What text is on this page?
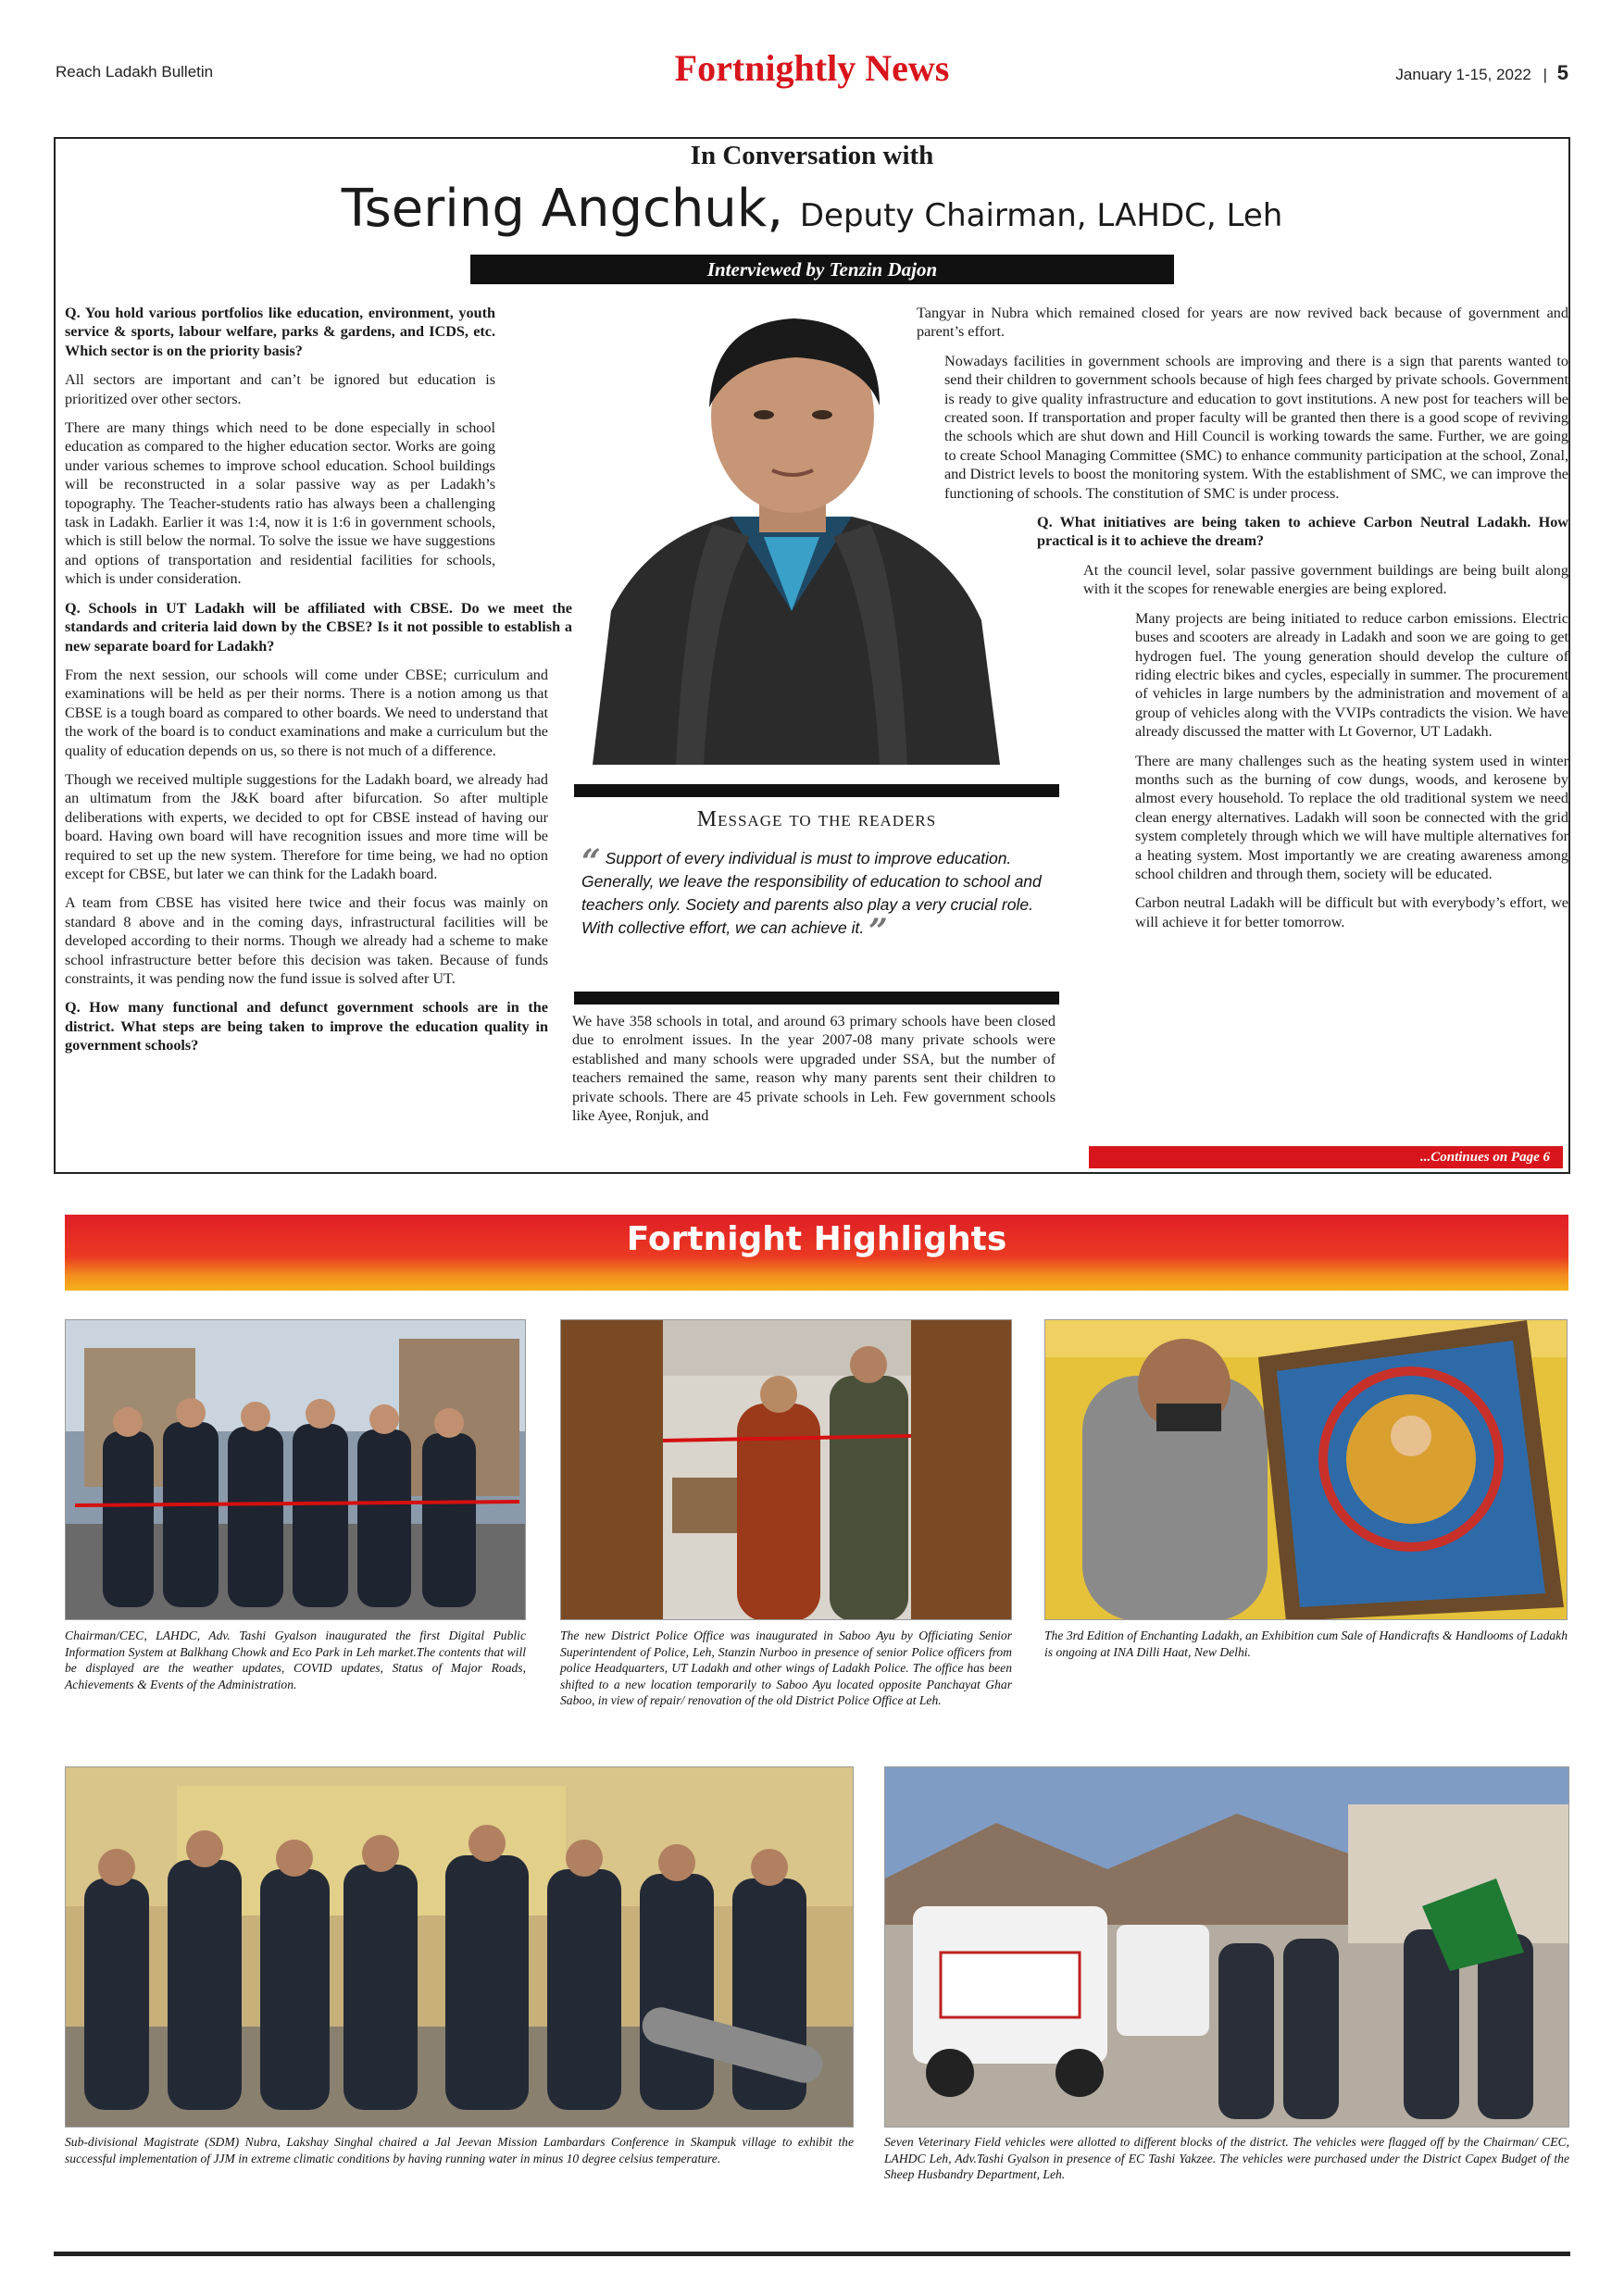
Reach Ladakh Bulletin	Fortnightly News	January 1-15, 2022 | 5
In Conversation with
Tsering Angchuk, Deputy Chairman, LAHDC, Leh
Interviewed by Tenzin Dajon

Q. You hold various portfolios like education, environment, youth service & sports, labour welfare, parks & gardens, and ICDS, etc. Which sector is on the priority basis?

All sectors are important and can’t be ignored but education is prioritized over other sectors.

There are many things which need to be done especially in school education as compared to the higher education sector. Works are going under various schemes to improve school education. School buildings will be reconstructed in a solar passive way as per Ladakh’s topography. The Teacher-students ratio has always been a challenging task in Ladakh. Earlier it was 1:4, now it is 1:6 in government schools, which is still below the normal. To solve the issue we have suggestions and options of transportation and residential facilities for schools, which is under consideration.

Q. Schools in UT Ladakh will be affiliated with CBSE. Do we meet the standards and criteria laid down by the CBSE? Is it not possible to establish a new separate board for Ladakh?

From the next session, our schools will come under CBSE; curriculum and examinations will be held as per their norms. There is a notion among us that CBSE is a tough board as compared to other boards. We need to understand that the work of the board is to conduct examinations and make a curriculum but the quality of education depends on us, so there is not much of a difference.

Though we received multiple suggestions for the Ladakh board, we already had an ultimatum from the J&K board after bifurcation. So after multiple deliberations with experts, we decided to opt for CBSE instead of having our board. Having own board will have recognition issues and more time will be required to set up the new system. Therefore for time being, we had no option except for CBSE, but later we can think for the Ladakh board.

A team from CBSE has visited here twice and their focus was mainly on standard 8 above and in the coming days, infrastructural facilities will be developed according to their norms. Though we already had a scheme to make school infrastructure better before this decision was taken. Because of funds constraints, it was pending now the fund issue is solved after UT.

Q. How many functional and defunct government schools are in the district. What steps are being taken to improve the education quality in government schools?

Message to the readers
“ Support of every individual is must to improve education. Generally, we leave the responsibility of education to school and teachers only. Society and parents also play a very crucial role. With collective effort, we can achieve it. ”

We have 358 schools in total, and around 63 primary schools have been closed due to enrolment issues. In the year 2007-08 many private schools were established and many schools were upgraded under SSA, but the number of teachers remained the same, reason why many parents sent their children to private schools. There are 45 private schools in Leh. Few government schools like Ayee, Ronjuk, and

Tangyar in Nubra which remained closed for years are now revived back because of government and parent’s effort.

Nowadays facilities in government schools are improving and there is a sign that parents wanted to send their children to government schools because of high fees charged by private schools. Government is ready to give quality infrastructure and education to govt institutions. A new post for teachers will be created soon. If transportation and proper faculty will be granted then there is a good scope of reviving the schools which are shut down and Hill Council is working towards the same. Further, we are going to create School Managing Committee (SMC) to enhance community participation at the school, Zonal, and District levels to boost the monitoring system. With the establishment of SMC, we can improve the functioning of schools. The constitution of SMC is under process.

Q. What initiatives are being taken to achieve Carbon Neutral Ladakh. How practical is it to achieve the dream?

At the council level, solar passive government buildings are being built along with it the scopes for renewable energies are being explored.

Many projects are being initiated to reduce carbon emissions. Electric buses and scooters are already in Ladakh and soon we are going to get hydrogen fuel. The young generation should develop the culture of riding electric bikes and cycles, especially in summer. The procurement of vehicles in large numbers by the administration and movement of a group of vehicles along with the VVIPs contradicts the vision. We have already discussed the matter with Lt Governor, UT Ladakh.

There are many challenges such as the heating system used in winter months such as the burning of cow dungs, woods, and kerosene by almost every household. To replace the old traditional system we need clean energy alternatives. Ladakh will soon be connected with the grid system completely through which we will have multiple alternatives for a heating system. Most importantly we are creating awareness among school children and through them, society will be educated.

Carbon neutral Ladakh will be difficult but with everybody’s effort, we will achieve it for better tomorrow.

...Continues on Page 6
Fortnight Highlights
Chairman/CEC, LAHDC, Adv. Tashi Gyalson inaugurated the first Digital Public Information System at Balkhang Chowk and Eco Park in Leh market.The contents that will be displayed are the weather updates, COVID updates, Status of Major Roads, Achievements & Events of the Administration.
The new District Police Office was inaugurated in Saboo Ayu by Officiating Senior Superintendent of Police, Leh, Stanzin Nurboo in presence of senior Police officers from police Headquarters, UT Ladakh and other wings of Ladakh Police. The office has been shifted to a new location temporarily to Saboo Ayu located opposite Panchayat Ghar Saboo, in view of repair/ renovation of the old District Police Office at Leh.
The 3rd Edition of Enchanting Ladakh, an Exhibition cum Sale of Handicrafts & Handlooms of Ladakh is ongoing at INA Dilli Haat, New Delhi.
Sub-divisional Magistrate (SDM) Nubra, Lakshay Singhal chaired a Jal Jeevan Mission Lambardars Conference in Skampuk village to exhibit the successful implementation of JJM in extreme climatic conditions by having running water in minus 10 degree celsius temperature.
Seven Veterinary Field vehicles were allotted to different blocks of the district. The vehicles were flagged off by the Chairman/ CEC, LAHDC Leh, Adv.Tashi Gyalson in presence of EC Tashi Yakzee. The vehicles were purchased under the District Capex Budget of the Sheep Husbandry Department, Leh.
